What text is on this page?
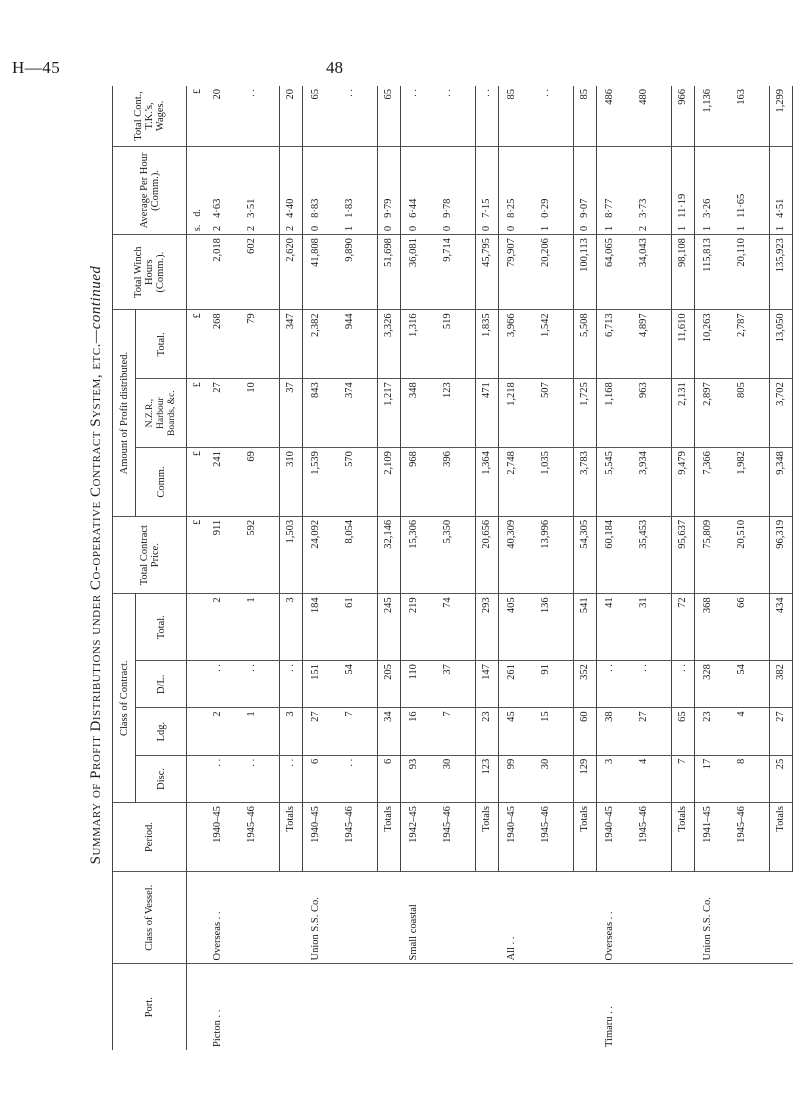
H—45	48
Summary of Profit Distributions under Co-operative Contract System, etc.—continued
Port.	Class of Vessel.	Period.	Class of Contract.				Total Contract Price.	Amount of Profit distributed.			Total Winch Hours (Comm.).	Average Per Hour (Comm.).	Total Cont., T.K.'s, Wages.
			Disc.	Ldg.	D/L.	Total.		Comm.	N.Z.R., Harbour Boards, &c.	Total.			
							£	£	£	£		s.d.	£
Picton . .	Overseas . .	1940–45	. .	2	. .	2	911	241	27	268	2,018	24·63	20
		1945–46	. .	1	. .	1	592	69	10	79	602	23·51	. .
		Totals	. .	3	. .	3	1,503	310	37	347	2,620	24·40	20
	Union S.S. Co.	1940–45	6	27	151	184	24,092	1,539	843	2,382	41,808	08·83	65
		1945–46	. .	7	54	61	8,054	570	374	944	9,890	11·83	. .
		Totals	6	34	205	245	32,146	2,109	1,217	3,326	51,698	09·79	65
	Small coastal	1942–45	93	16	110	219	15,306	968	348	1,316	36,081	06·44	. .
		1945–46	30	7	37	74	5,350	396	123	519	9,714	09·78	. .
		Totals	123	23	147	293	20,656	1,364	471	1,835	45,795	07·15	. .
	All . .	1940–45	99	45	261	405	40,309	2,748	1,218	3,966	79,907	08·25	85
		1945–46	30	15	91	136	13,996	1,035	507	1,542	20,206	10·29	. .
		Totals	129	60	352	541	54,305	3,783	1,725	5,508	100,113	09·07	85
Timaru . .	Overseas . .	1940–45	3	38	. .	41	60,184	5,545	1,168	6,713	64,065	18·77	486
		1945–46	4	27	. .	31	35,453	3,934	963	4,897	34,043	23·73	480
		Totals	7	65	. .	72	95,637	9,479	2,131	11,610	98,108	111·19	966
	Union S.S. Co.	1941–45	17	23	328	368	75,809	7,366	2,897	10,263	115,813	13·26	1,136
		1945–46	8	4	54	66	20,510	1,982	805	2,787	20,110	111·65	163
		Totals	25	27	382	434	96,319	9,348	3,702	13,050	135,923	14·51	1,299
